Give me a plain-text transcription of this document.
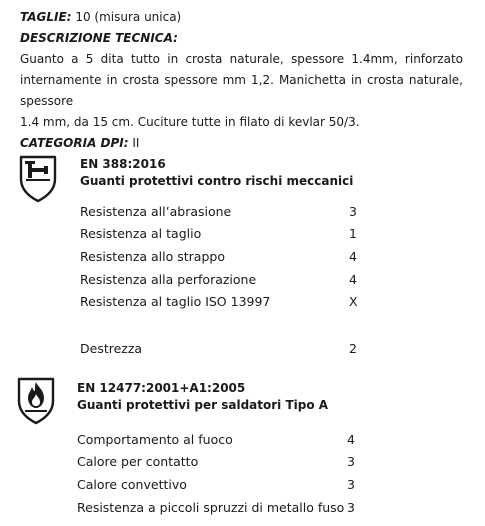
TAGLIE: 10 (misura unica)
DESCRIZIONE TECNICA:
Guanto a 5 dita tutto in crosta naturale, spessore 1.4mm, rinforzato
internamente in crosta spessore mm 1,2. Manichetta in crosta naturale, spessore
1.4 mm, da 15 cm. Cuciture tutte in filato di kevlar 50/3.
CATEGORIA DPI: II
EN 388:2016
Guanti protettivi contro rischi meccanici
Resistenza all’abrasione	3
Resistenza al taglio	1
Resistenza allo strappo	4
Resistenza alla perforazione	4
Resistenza al taglio ISO 13997	X
Destrezza	2
EN 12477:2001+A1:2005
Guanti protettivi per saldatori Tipo A
Comportamento al fuoco	4
Calore per contatto	3
Calore convettivo	3
Resistenza a piccoli spruzzi di metallo fuso 3
